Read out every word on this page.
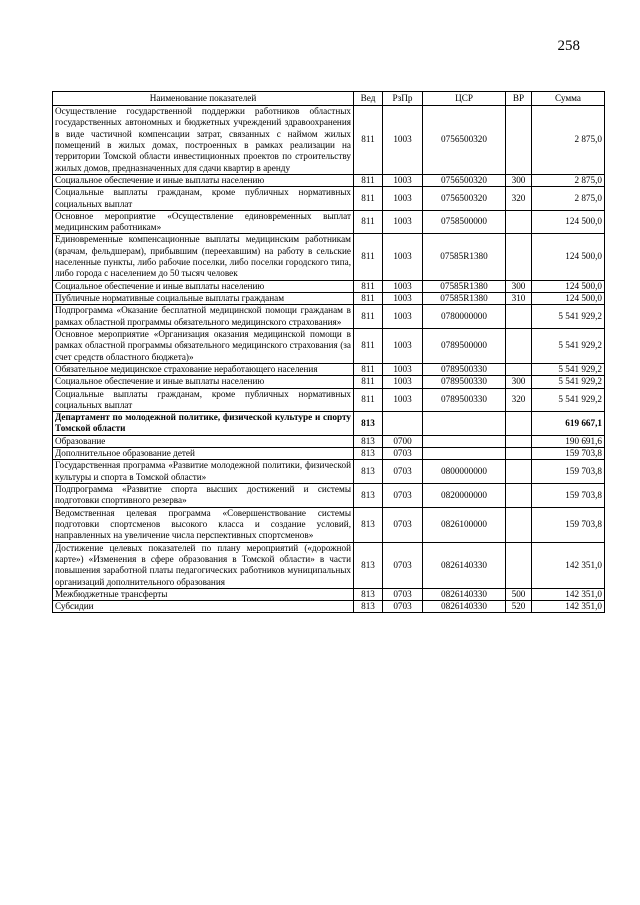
258
Наименование показателей	Вед	РзПр	ЦСР	ВР	Сумма
Осуществление государственной поддержки работников областных государственных автономных и бюджетных учреждений здравоохранения в виде частичной компенсации затрат, связанных с наймом жилых помещений в жилых домах, построенных в рамках реализации на территории Томской области инвестиционных проектов по строительству жилых домов, предназначенных для сдачи квартир в аренду	811	1003	0756500320		2 875,0
Социальное обеспечение и иные выплаты населению	811	1003	0756500320	300	2 875,0
Социальные выплаты гражданам, кроме публичных нормативных социальных выплат	811	1003	0756500320	320	2 875,0
Основное мероприятие «Осуществление единовременных выплат медицинским работникам»	811	1003	0758500000		124 500,0
Единовременные компенсационные выплаты медицинским работникам (врачам, фельдшерам), прибывшим (переехавшим) на работу в сельские населенные пункты, либо рабочие поселки, либо поселки городского типа, либо города с населением до 50 тысяч человек	811	1003	07585R1380		124 500,0
Социальное обеспечение и иные выплаты населению	811	1003	07585R1380	300	124 500,0
Публичные нормативные социальные выплаты гражданам	811	1003	07585R1380	310	124 500,0
Подпрограмма «Оказание бесплатной медицинской помощи гражданам в рамках областной программы обязательного медицинского страхования»	811	1003	0780000000		5 541 929,2
Основное мероприятие «Организация оказания медицинской помощи в рамках областной программы обязательного медицинского страхования (за счет средств областного бюджета)»	811	1003	0789500000		5 541 929,2
Обязательное медицинское страхование неработающего населения	811	1003	0789500330		5 541 929,2
Социальное обеспечение и иные выплаты населению	811	1003	0789500330	300	5 541 929,2
Социальные выплаты гражданам, кроме публичных нормативных социальных выплат	811	1003	0789500330	320	5 541 929,2
Департамент по молодежной политике, физической культуре и спорту Томской области	813				619 667,1
Образование	813	0700			190 691,6
Дополнительное образование детей	813	0703			159 703,8
Государственная программа «Развитие молодежной политики, физической культуры и спорта в Томской области»	813	0703	0800000000		159 703,8
Подпрограмма «Развитие спорта высших достижений и системы подготовки спортивного резерва»	813	0703	0820000000		159 703,8
Ведомственная целевая программа «Совершенствование системы подготовки спортсменов высокого класса и создание условий, направленных на увеличение числа перспективных спортсменов»	813	0703	0826100000		159 703,8
Достижение целевых показателей по плану мероприятий («дорожной карте») «Изменения в сфере образования в Томской области» в части повышения заработной платы педагогических работников муниципальных организаций дополнительного образования	813	0703	0826140330		142 351,0
Межбюджетные трансферты	813	0703	0826140330	500	142 351,0
Субсидии	813	0703	0826140330	520	142 351,0
